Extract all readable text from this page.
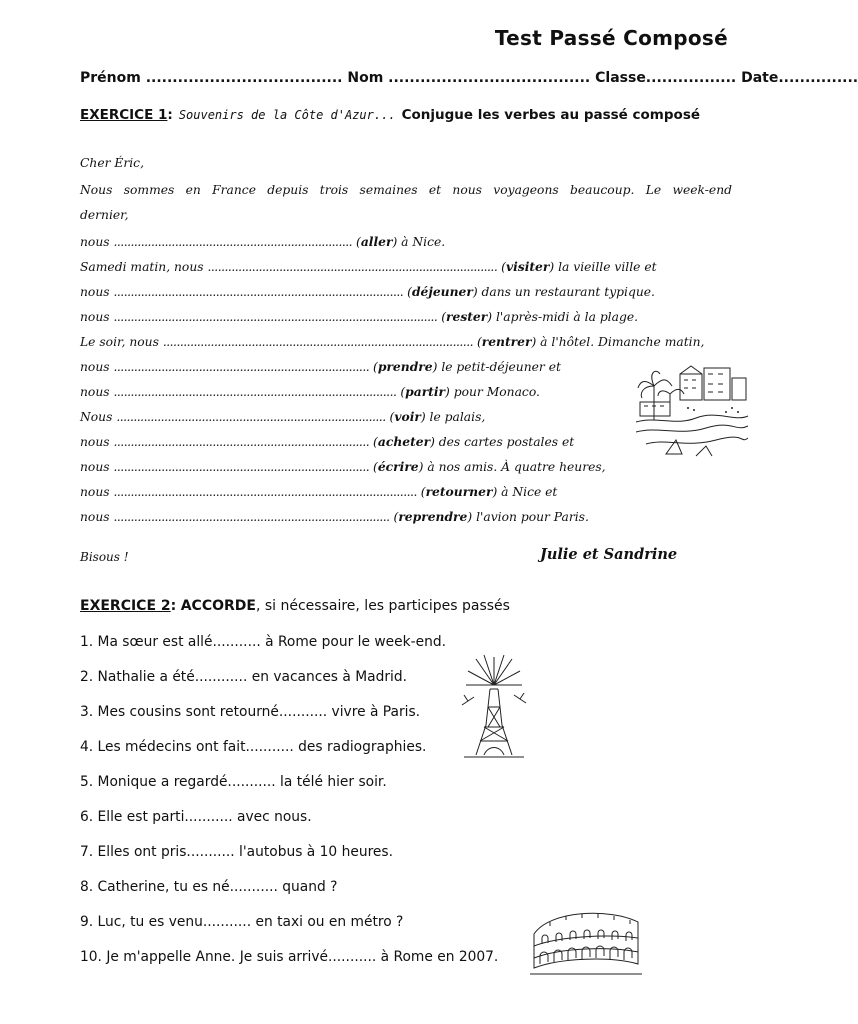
Test Passé Composé
Prénom ..................................... Nom ...................................... Classe................. Date...............
EXERCICE 1: Souvenirs de la Côte d'Azur... Conjugue les verbes au passé composé
Cher Éric,
Nous sommes en France depuis trois semaines et nous voyageons beaucoup. Le week-end
dernier,
nous ...................................................................... (aller) à Nice.
Samedi matin, nous ..................................................................................... (visiter) la vieille ville et
nous ..................................................................................... (déjeuner) dans un restaurant typique.
nous ............................................................................................... (rester) l'après-midi à la plage.
Le soir, nous ........................................................................................... (rentrer) à l'hôtel. Dimanche matin,
nous ........................................................................... (prendre) le petit-déjeuner et
nous ................................................................................... (partir) pour Monaco.
Nous ............................................................................... (voir) le palais,
nous ........................................................................... (acheter) des cartes postales et
nous ........................................................................... (écrire) à nos amis. À quatre heures,
nous ......................................................................................... (retourner) à Nice et
nous ................................................................................. (reprendre) l'avion pour Paris.
Bisous !	Julie et Sandrine
EXERCICE 2: ACCORDE, si nécessaire, les participes passés
1. Ma sœur est allé........... à Rome pour le week-end.
2. Nathalie a été............ en vacances à Madrid.
3. Mes cousins sont retourné........... vivre à Paris.
4. Les médecins ont fait........... des radiographies.
5. Monique a regardé........... la télé hier soir.
6. Elle est parti........... avec nous.
7. Elles ont pris........... l'autobus à 10 heures.
8. Catherine, tu es né........... quand ?
9. Luc, tu es venu........... en taxi ou en métro ?
10. Je m'appelle Anne. Je suis arrivé........... à Rome en 2007.
